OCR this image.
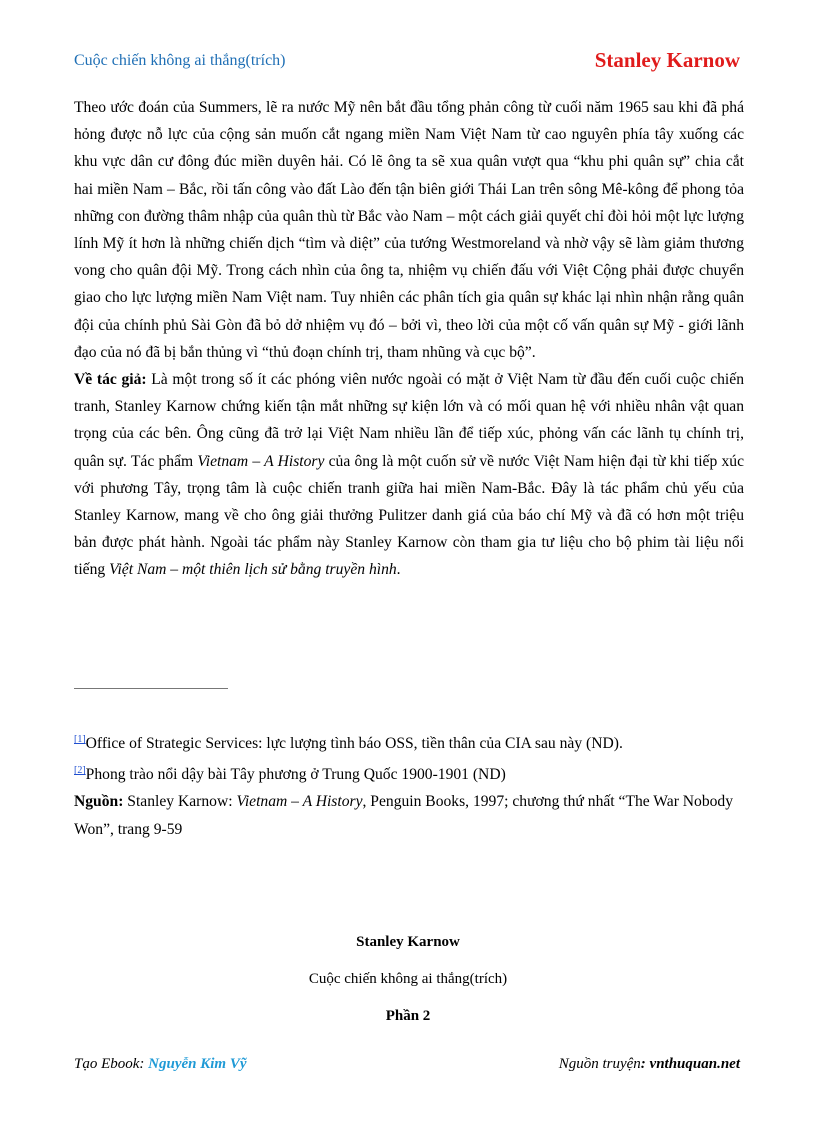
Cuộc chiến không ai thắng(trích)	Stanley Karnow

Theo ước đoán của Summers, lẽ ra nước Mỹ nên bắt đầu tổng phản công từ cuối năm 1965 sau khi đã phá hỏng được nỗ lực của cộng sản muốn cắt ngang miền Nam Việt Nam từ cao nguyên phía tây xuống các khu vực dân cư đông đúc miền duyên hải. Có lẽ ông ta sẽ xua quân vượt qua “khu phi quân sự” chia cắt hai miền Nam – Bắc, rồi tấn công vào đất Lào đến tận biên giới Thái Lan trên sông Mê-kông để phong tỏa những con đường thâm nhập của quân thù từ Bắc vào Nam – một cách giải quyết chỉ đòi hỏi một lực lượng lính Mỹ ít hơn là những chiến dịch “tìm và diệt” của tướng Westmoreland và nhờ vậy sẽ làm giảm thương vong cho quân đội Mỹ. Trong cách nhìn của ông ta, nhiệm vụ chiến đấu với Việt Cộng phải được chuyển giao cho lực lượng miền Nam Việt nam. Tuy nhiên các phân tích gia quân sự khác lại nhìn nhận rằng quân đội của chính phủ Sài Gòn đã bỏ dở nhiệm vụ đó – bởi vì, theo lời của một cố vấn quân sự Mỹ - giới lãnh đạo của nó đã bị bắn thủng vì “thủ đoạn chính trị, tham nhũng và cục bộ”.

Về tác giả: Là một trong số ít các phóng viên nước ngoài có mặt ở Việt Nam từ đầu đến cuối cuộc chiến tranh, Stanley Karnow chứng kiến tận mắt những sự kiện lớn và có mối quan hệ với nhiều nhân vật quan trọng của các bên. Ông cũng đã trở lại Việt Nam nhiều lần để tiếp xúc, phỏng vấn các lãnh tụ chính trị, quân sự. Tác phẩm Vietnam – A History của ông là một cuốn sử về nước Việt Nam hiện đại từ khi tiếp xúc với phương Tây, trọng tâm là cuộc chiến tranh giữa hai miền Nam-Bắc. Đây là tác phẩm chủ yếu của Stanley Karnow, mang về cho ông giải thưởng Pulitzer danh giá của báo chí Mỹ và đã có hơn một triệu bản được phát hành. Ngoài tác phẩm này Stanley Karnow còn tham gia tư liệu cho bộ phim tài liệu nổi tiếng Việt Nam – một thiên lịch sử bằng truyền hình.

[1]Office of Strategic Services: lực lượng tình báo OSS, tiền thân của CIA sau này (ND).

[2]Phong trào nổi dậy bài Tây phương ở Trung Quốc 1900-1901 (ND)

Nguồn: Stanley Karnow: Vietnam – A History, Penguin Books, 1997; chương thứ nhất “The War Nobody Won”, trang 9-59

Stanley Karnow
Cuộc chiến không ai thắng(trích)
Phần 2
Tạo Ebook: Nguyễn Kim Vỹ	Nguồn truyện: vnthuquan.net
